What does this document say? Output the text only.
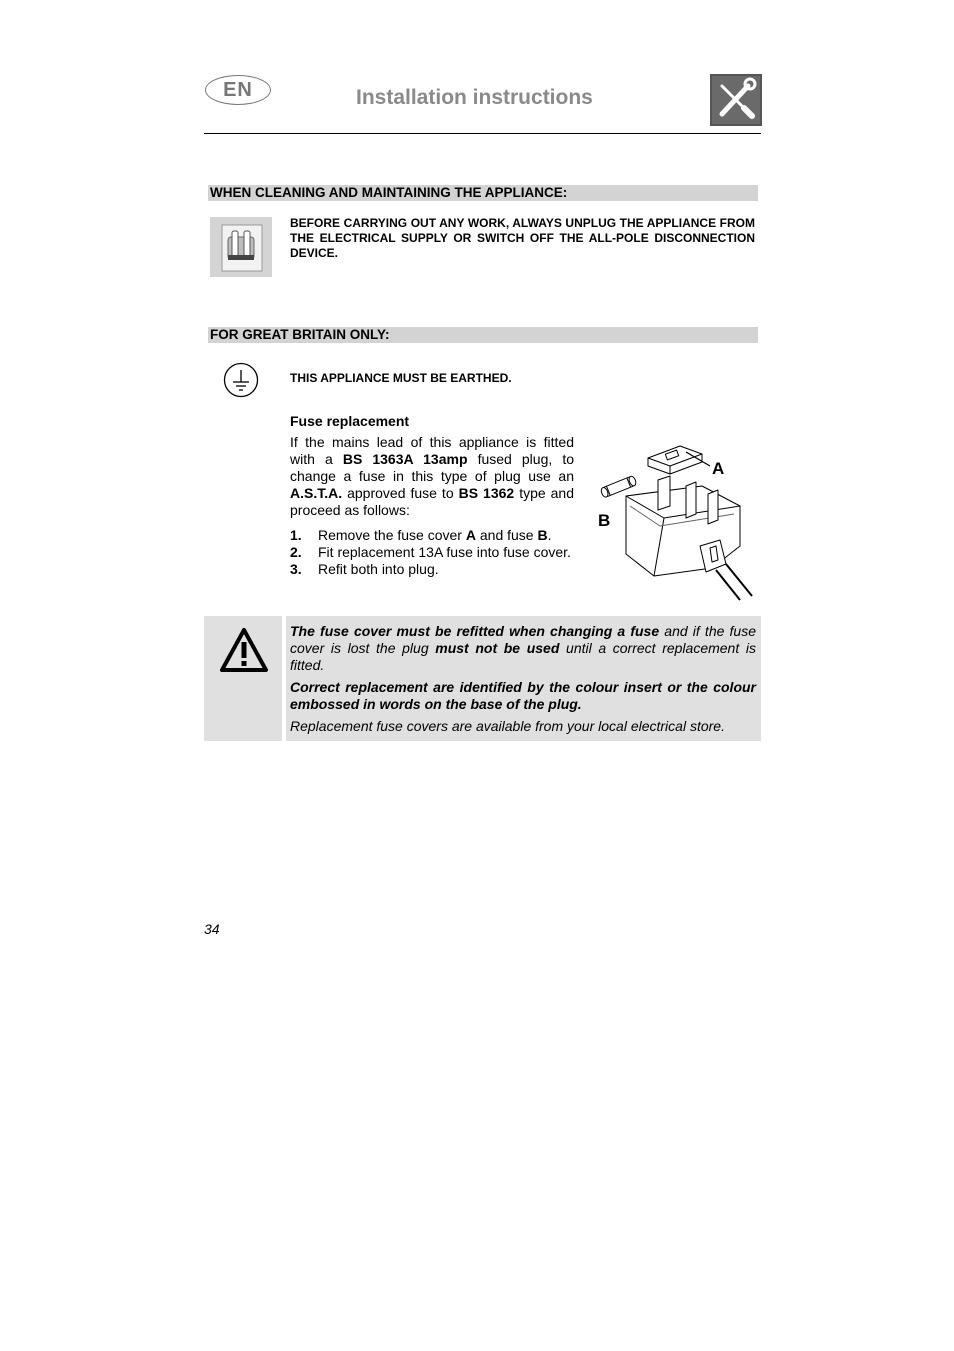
EN	Installation instructions
WHEN CLEANING AND MAINTAINING THE APPLIANCE:
BEFORE CARRYING OUT ANY WORK, ALWAYS UNPLUG THE APPLIANCE FROM THE ELECTRICAL SUPPLY OR SWITCH OFF THE ALL-POLE DISCONNECTION DEVICE.
FOR GREAT BRITAIN ONLY:
THIS APPLIANCE MUST BE EARTHED.
Fuse replacement
If the mains lead of this appliance is fitted with a BS 1363A 13amp fused plug, to change a fuse in this type of plug use an A.S.T.A. approved fuse to BS 1362 type and proceed as follows:
1.	Remove the fuse cover A and fuse B.
2.	Fit replacement 13A fuse into fuse cover.
3.	Refit both into plug.
A
B

The fuse cover must be refitted when changing a fuse and if the fuse cover is lost the plug must not be used until a correct replacement is fitted.

Correct replacement are identified by the colour insert or the colour embossed in words on the base of the plug.

Replacement fuse covers are available from your local electrical store.

34
